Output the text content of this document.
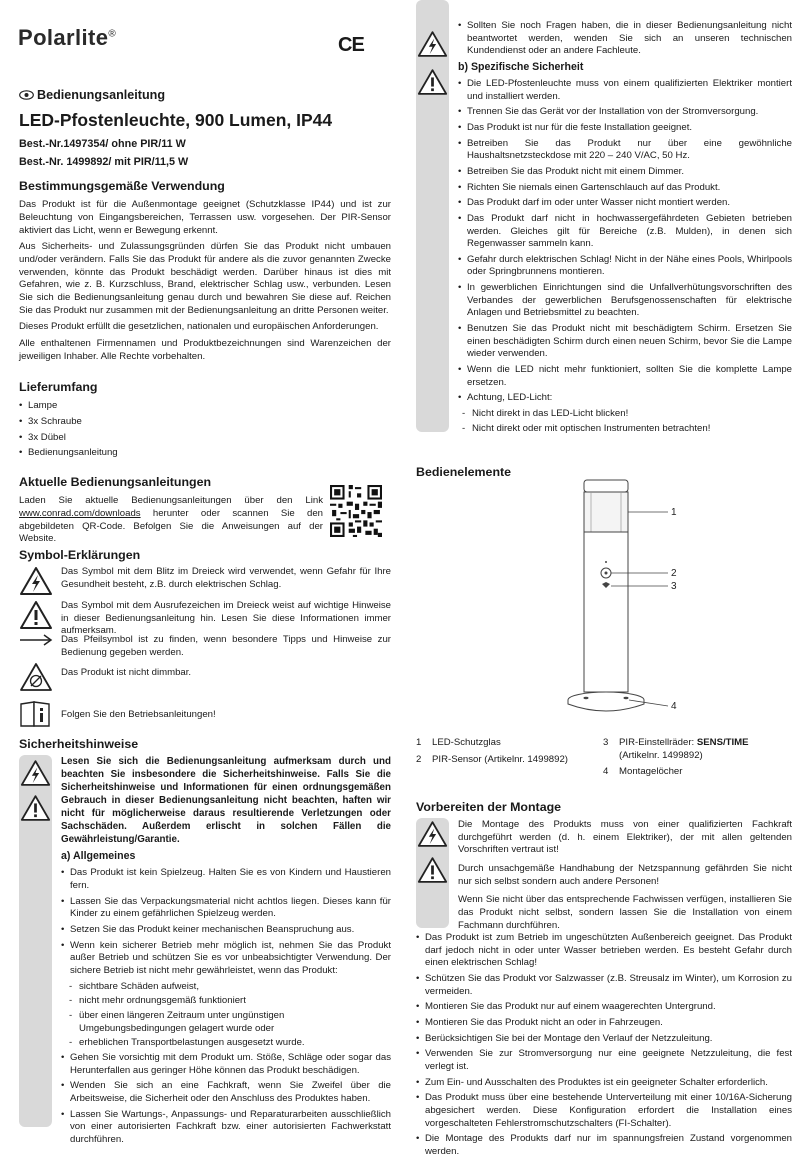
Polarlite®	CE
Bedienungsanleitung
LED-Pfostenleuchte, 900 Lumen, IP44
Best.-Nr.1497354/ ohne PIR/11 W
Best.-Nr. 1499892/ mit PIR/11,5 W
Bestimmungsgemäße Verwendung

Das Produkt ist für die Außenmontage geeignet (Schutzklasse IP44) und ist zur Beleuchtung von Eingangsbereichen, Terrassen usw. vorgesehen. Der PIR-Sensor aktiviert das Licht, wenn er Bewegung erkennt.

Aus Sicherheits- und Zulassungsgründen dürfen Sie das Produkt nicht umbauen und/oder verändern. Falls Sie das Produkt für andere als die zuvor genannten Zwecke verwenden, könnte das Produkt beschädigt werden. Darüber hinaus ist dies mit Gefahren, wie z. B. Kurzschluss, Brand, elektrischer Schlag usw., verbunden. Lesen Sie sich die Bedienungsanleitung genau durch und bewahren Sie diese auf. Reichen Sie das Produkt nur zusammen mit der Bedienungsanleitung an dritte Personen weiter.

Dieses Produkt erfüllt die gesetzlichen, nationalen und europäischen Anforderungen.

Alle enthaltenen Firmennamen und Produktbezeichnungen sind Warenzeichen der jeweiligen Inhaber. Alle Rechte vorbehalten.

Lieferumfang
• Lampe
• 3x Schraube
• 3x Dübel
• Bedienungsanleitung
Aktuelle Bedienungsanleitungen

Laden Sie aktuelle Bedienungsanleitungen über den Link www.conrad.com/downloads herunter oder scannen Sie den abgebildeten QR-Code. Befolgen Sie die Anweisungen auf der Website.

Symbol-Erklärungen

Das Symbol mit dem Blitz im Dreieck wird verwendet, wenn Gefahr für Ihre Gesundheit besteht, z.B. durch elektrischen Schlag.

Das Symbol mit dem Ausrufezeichen im Dreieck weist auf wichtige Hinweise in dieser Bedienungsanleitung hin. Lesen Sie diese Informationen immer aufmerksam.

Das Pfeilsymbol ist zu finden, wenn besondere Tipps und Hinweise zur Bedienung gegeben werden.

Das Produkt ist nicht dimmbar.

Folgen Sie den Betriebsanleitungen!

Sicherheitshinweise

Lesen Sie sich die Bedienungsanleitung aufmerksam durch und beachten Sie insbesondere die Sicherheitshinweise. Falls Sie die Sicherheitshinweise und Informationen für einen ordnungsgemäßen Gebrauch in dieser Bedienungsanleitung nicht beachten, haften wir nicht für möglicherweise daraus resultierende Verletzungen oder Sachschäden. Außerdem erlischt in solchen Fällen die Gewährleistung/Garantie.

a) Allgemeines
• Das Produkt ist kein Spielzeug. Halten Sie es von Kindern und Haustieren fern.
• Lassen Sie das Verpackungsmaterial nicht achtlos liegen. Dieses kann für Kinder zu einem gefährlichen Spielzeug werden.
• Setzen Sie das Produkt keiner mechanischen Beanspruchung aus.
• Wenn kein sicherer Betrieb mehr möglich ist, nehmen Sie das Produkt außer Betrieb und schützen Sie es vor unbeabsichtigter Verwendung. Der sichere Betrieb ist nicht mehr gewährleistet, wenn das Produkt:
- sichtbare Schäden aufweist,
- nicht mehr ordnungsgemäß funktioniert
- über einen längeren Zeitraum unter ungünstigen Umgebungsbedingungen gelagert wurde oder
- erheblichen Transportbelastungen ausgesetzt wurde.
• Gehen Sie vorsichtig mit dem Produkt um. Stöße, Schläge oder sogar das Herunterfallen aus geringer Höhe können das Produkt beschädigen.
• Wenden Sie sich an eine Fachkraft, wenn Sie Zweifel über die Arbeitsweise, die Sicherheit oder den Anschluss des Produktes haben.
• Lassen Sie Wartungs-, Anpassungs- und Reparaturarbeiten ausschließlich von einer autorisierten Fachkraft bzw. einer autorisierten Fachwerkstatt durchführen.
• Sollten Sie noch Fragen haben, die in dieser Bedienungsanleitung nicht beantwortet werden, wenden Sie sich an unseren technischen Kundendienst oder an andere Fachleute.
b) Spezifische Sicherheit
• Die LED-Pfostenleuchte muss von einem qualifizierten Elektriker montiert und installiert werden.
• Trennen Sie das Gerät vor der Installation von der Stromversorgung.
• Das Produkt ist nur für die feste Installation geeignet.
• Betreiben Sie das Produkt nur über eine gewöhnliche Haushaltsnetzsteckdose mit 220 – 240 V/AC, 50 Hz.
• Betreiben Sie das Produkt nicht mit einem Dimmer.
• Richten Sie niemals einen Gartenschlauch auf das Produkt.
• Das Produkt darf im oder unter Wasser nicht montiert werden.
• Das Produkt darf nicht in hochwassergefährdeten Gebieten betrieben werden. Gleiches gilt für Bereiche (z.B. Mulden), in denen sich Regenwasser sammeln kann.
• Gefahr durch elektrischen Schlag! Nicht in der Nähe eines Pools, Whirlpools oder Springbrunnens montieren.
• In gewerblichen Einrichtungen sind die Unfallverhütungsvorschriften des Verbandes der gewerblichen Berufsgenossenschaften für elektrische Anlagen und Betriebsmittel zu beachten.
• Benutzen Sie das Produkt nicht mit beschädigtem Schirm. Ersetzen Sie einen beschädigten Schirm durch einen neuen Schirm, bevor Sie die Lampe wieder verwenden.
• Wenn die LED nicht mehr funktioniert, sollten Sie die komplette Lampe ersetzen.
• Achtung, LED-Licht:
- Nicht direkt in das LED-Licht blicken!
- Nicht direkt oder mit optischen Instrumenten betrachten!
Bedienelemente
1
2
3
4
1 LED-Schutzglas
2 PIR-Sensor (Artikelnr. 1499892)
3 PIR-Einstellräder: SENS/TIME
(Artikelnr. 1499892)
4 Montagelöcher
Vorbereiten der Montage

Die Montage des Produkts muss von einer qualifizierten Fachkraft durchgeführt werden (d. h. einem Elektriker), der mit allen geltenden Vorschriften vertraut ist!

Durch unsachgemäße Handhabung der Netzspannung gefährden Sie nicht nur sich selbst sondern auch andere Personen!

Wenn Sie nicht über das entsprechende Fachwissen verfügen, installieren Sie das Produkt nicht selbst, sondern lassen Sie die Installation von einem Fachmann durchführen.

• Das Produkt ist zum Betrieb im ungeschützten Außenbereich geeignet. Das Produkt darf jedoch nicht in oder unter Wasser betrieben werden. Es besteht Gefahr durch einen elektrischen Schlag!
• Schützen Sie das Produkt vor Salzwasser (z.B. Streusalz im Winter), um Korrosion zu vermeiden.
• Montieren Sie das Produkt nur auf einem waagerechten Untergrund.
• Montieren Sie das Produkt nicht an oder in Fahrzeugen.
• Berücksichtigen Sie bei der Montage den Verlauf der Netzzuleitung.
• Verwenden Sie zur Stromversorgung nur eine geeignete Netzzuleitung, die fest verlegt ist.
• Zum Ein- und Ausschalten des Produktes ist ein geeigneter Schalter erforderlich.
• Das Produkt muss über eine bestehende Unterverteilung mit einer 10/16A-Sicherung abgesichert werden. Diese Konfiguration erfordert die Installation eines vorgeschalteten Fehlerstromschutzschalters (FI-Schalter).
• Die Montage des Produkts darf nur im spannungsfreien Zustand vorgenommen werden.
